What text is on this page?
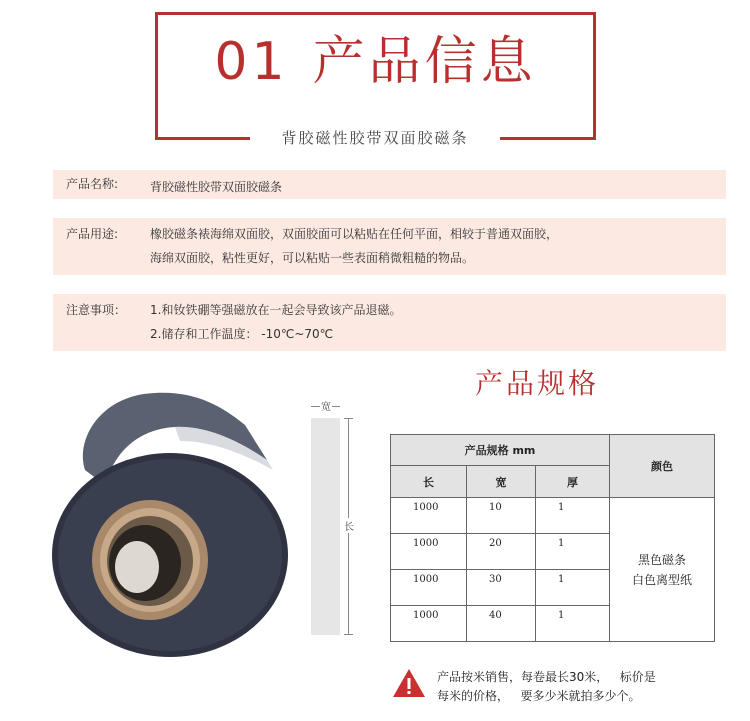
01 产品信息
背胶磁性胶带双面胶磁条
产品名称:	背胶磁性胶带双面胶磁条
产品用途:	橡胶磁条裱海绵双面胶，双面胶面可以粘贴在任何平面，相较于普通双面胶，
海绵双面胶，粘性更好，可以粘贴一些表面稍微粗糙的物品。
注意事项： 1.和钕铁硼等强磁放在一起会导致该产品退磁。
2.储存和工作温度： -10℃~70℃
产品规格
宽
长
产品规格 mm			颜色
长	宽	厚	
1000	10	1	黑色磁条
白色离型纸

1000	20	1	
1000	30	1	
1000	40	1	
产品按米销售，每卷最长30米，   标价是
每米的价格，   要多少米就拍多少个。
